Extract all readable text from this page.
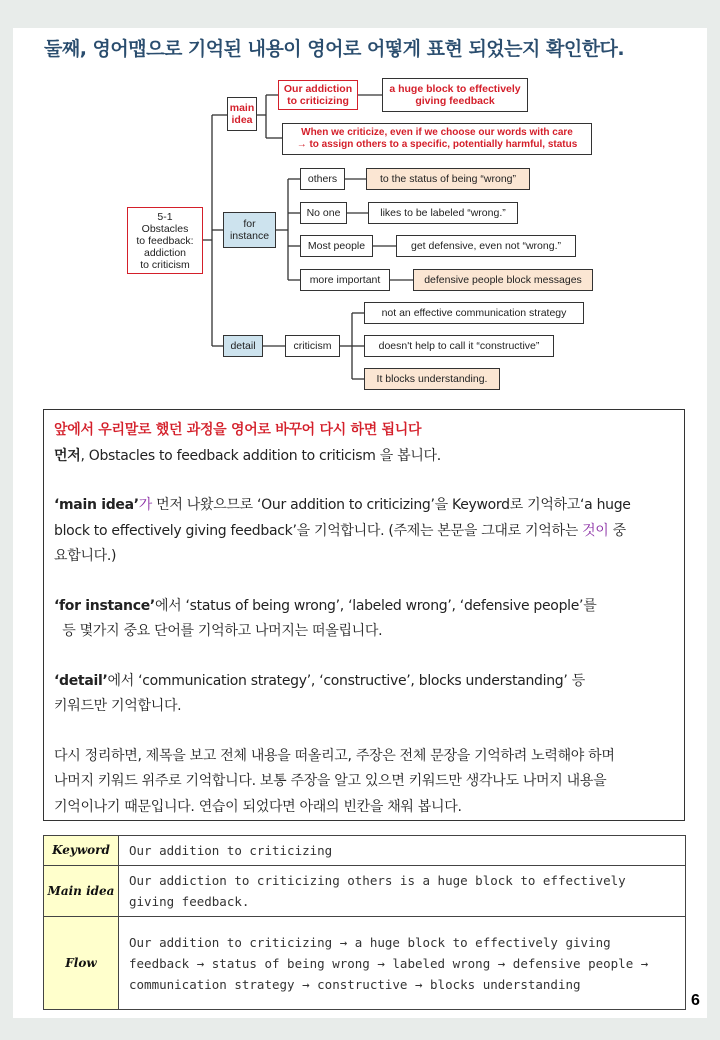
둘째, 영어맵으로 기억된 내용이 영어로 어떻게 표현 되었는지 확인한다.
5-1
Obstacles
to feedback:
addiction
to criticism
main
idea
Our addiction
to criticizing
a huge block to effectively
giving feedback
When we criticize, even if we choose our words with care
→ to assign others to a specific, potentially harmful, status
for
instance
others	to the status of being “wrong”
No one	likes to be labeled “wrong.”
Most people	get defensive, even not “wrong.”
more important	defensive people block messages
detail	criticism
not an effective communication strategy
doesn't help to call it “constructive”
It blocks understanding.

앞에서 우리말로 했던 과정을 영어로 바꾸어 다시 하면 됩니다

먼저, Obstacles to feedback addition to criticism 을 봅니다.

‘main idea’가 먼저 나왔으므로 ‘Our addition to criticizing’을 Keyword로 기억하고‘a huge

block to effectively giving feedback’을 기억합니다. (주제는 본문을 그대로 기억하는 것이 중

요합니다.)

‘for instance’에서 ‘status of being wrong’, ‘labeled wrong’, ‘defensive people’를

등 몇가지 중요 단어를 기억하고 나머지는 떠올립니다.

‘detail’에서 ‘communication strategy’, ‘constructive’, blocks understanding’ 등

키워드만 기억합니다.

다시 정리하면, 제목을 보고 전체 내용을 떠올리고, 주장은 전체 문장을 기억하려 노력해야 하며

나머지 키워드 위주로 기억합니다. 보통 주장을 알고 있으면 키워드만 생각나도 나머지 내용을

기억이나기 때문입니다. 연습이 되었다면 아래의 빈칸을 채워 봅니다.

Keyword	Our addition to criticizing
Main idea	Our addiction to criticizing others is a huge block to effectively giving feedback.
Flow	Our addition to criticizing → a huge block to effectively giving feedback → status of being wrong → labeled wrong → defensive people → communication strategy → constructive → blocks understanding
6
